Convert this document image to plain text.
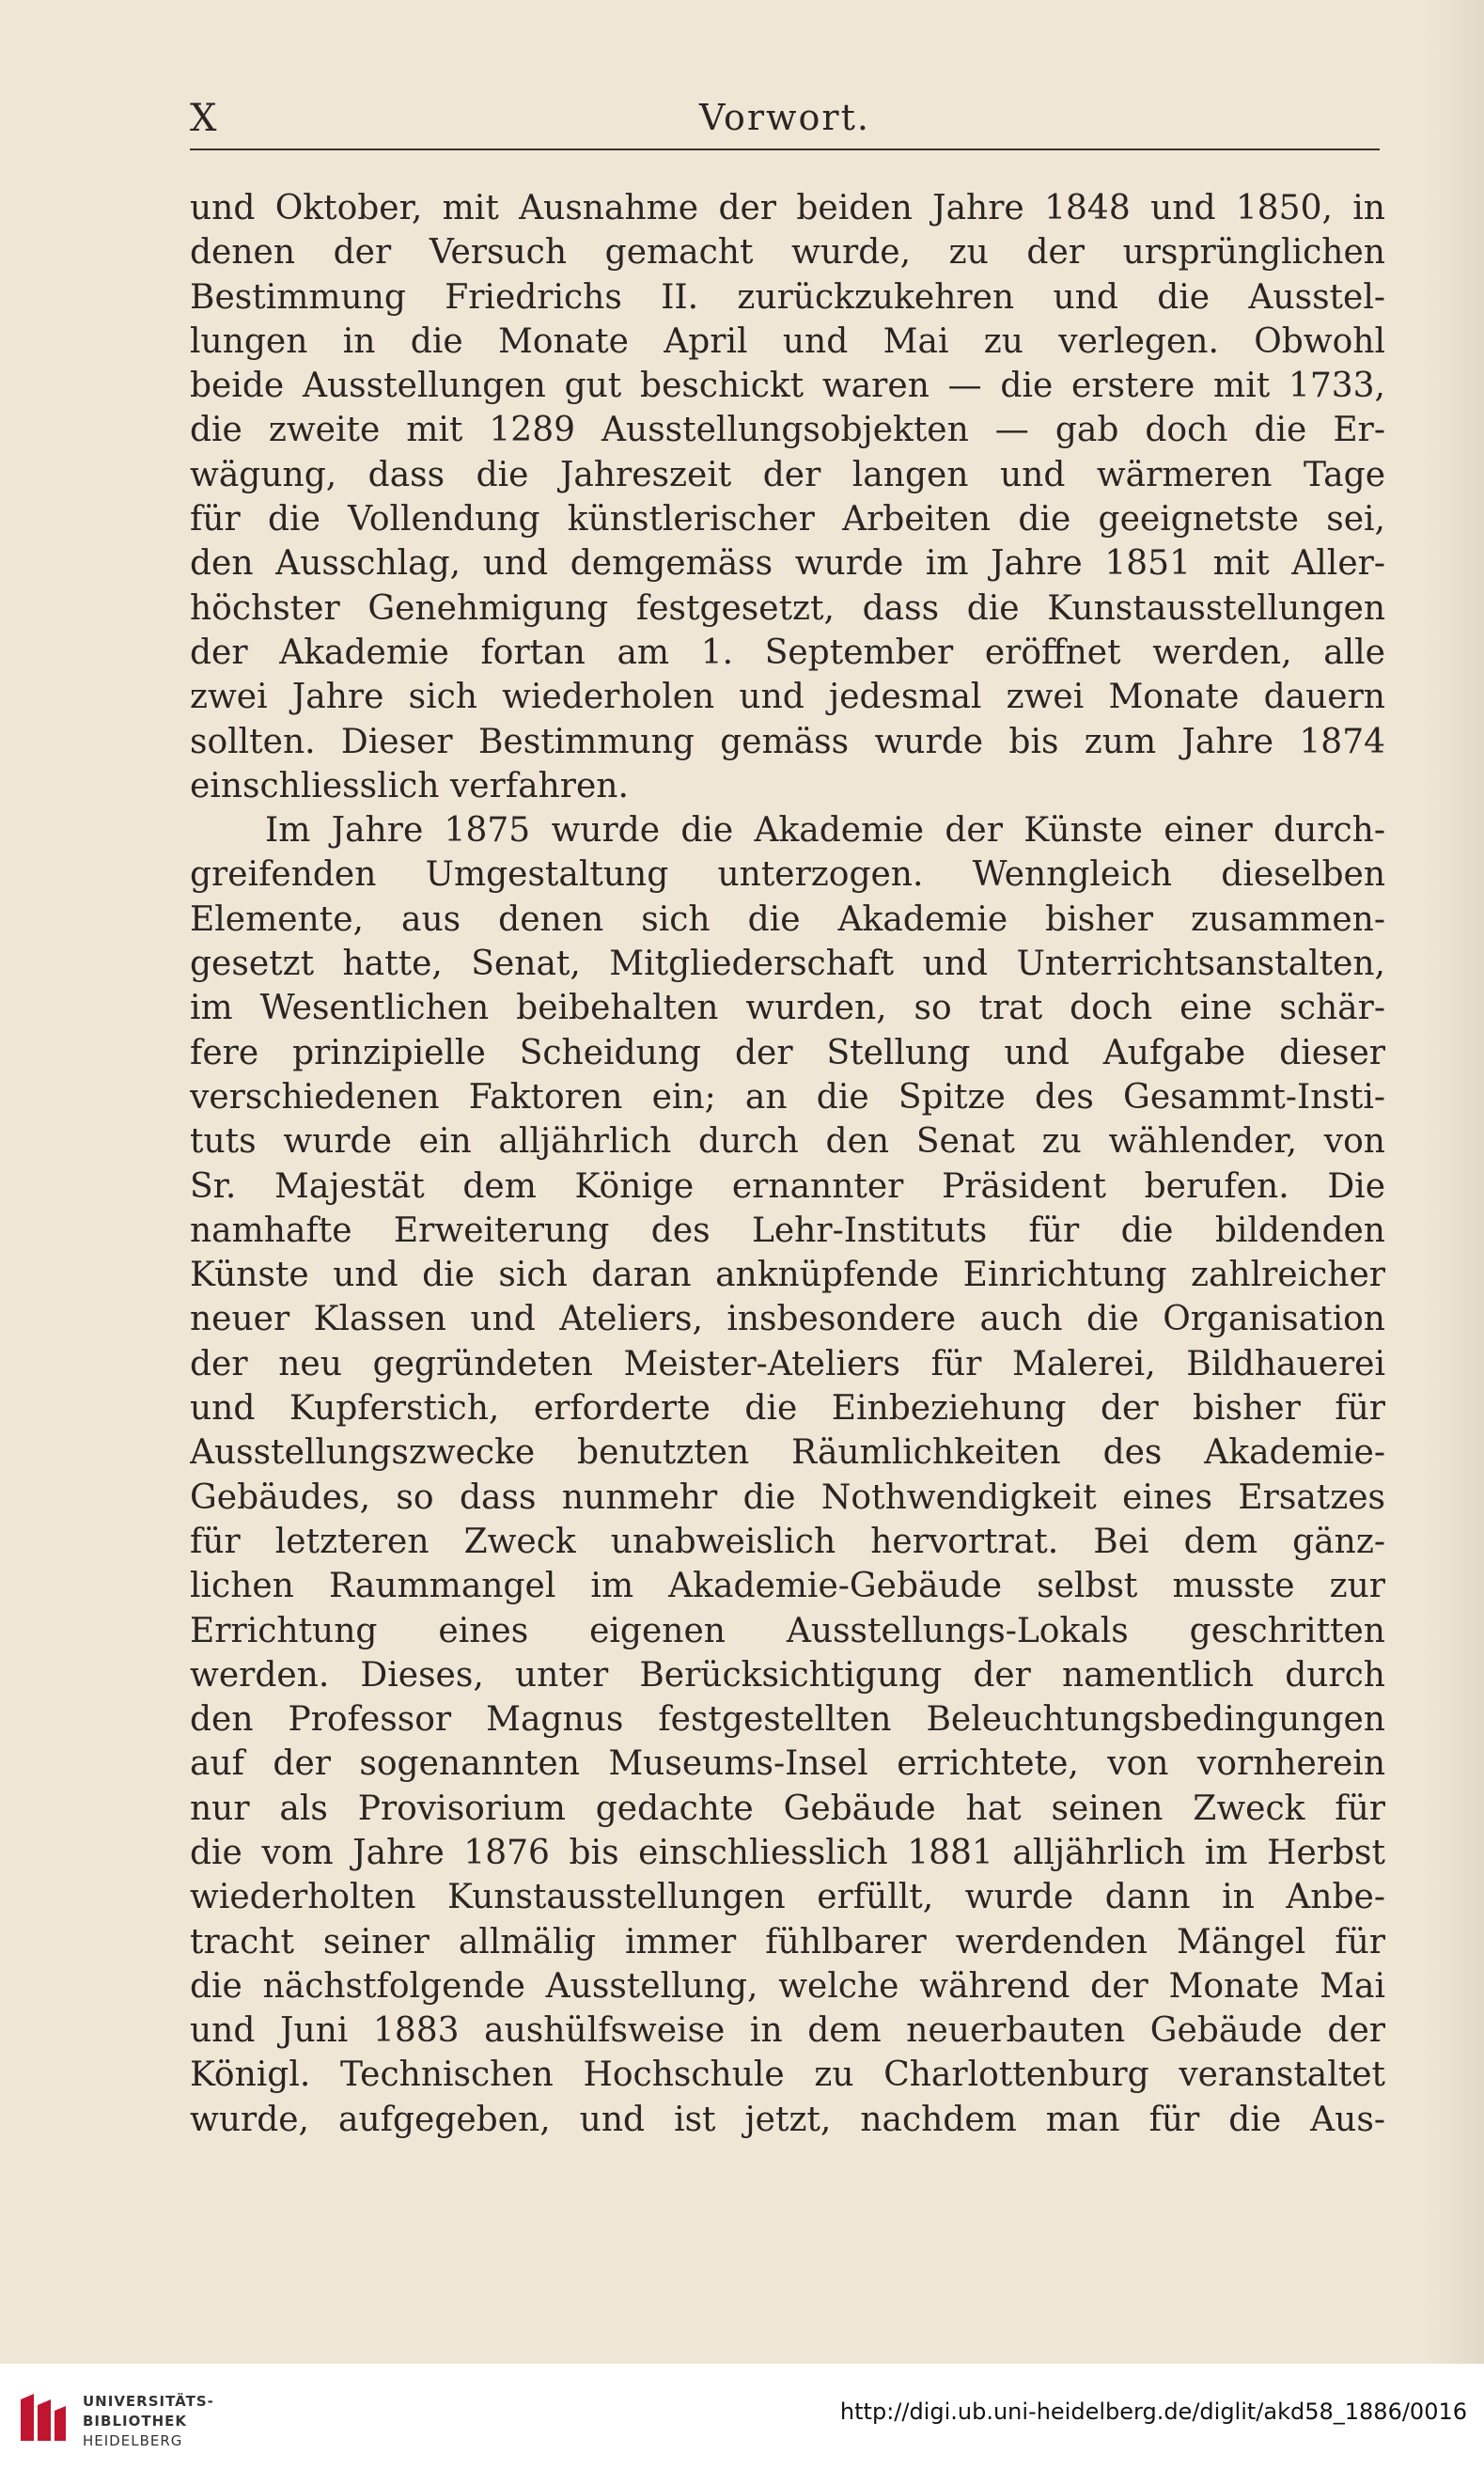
X	Vorwort.
und Oktober, mit Ausnahme der beiden Jahre 1848 und 1850, in
denen der Versuch gemacht wurde, zu der ursprünglichen
Bestimmung Friedrichs II. zurückzukehren und die Ausstel-
lungen in die Monate April und Mai zu verlegen. Obwohl
beide Ausstellungen gut beschickt waren — die erstere mit 1733,
die zweite mit 1289 Ausstellungsobjekten — gab doch die Er-
wägung, dass die Jahreszeit der langen und wärmeren Tage
für die Vollendung künstlerischer Arbeiten die geeignetste sei,
den Ausschlag, und demgemäss wurde im Jahre 1851 mit Aller-
höchster Genehmigung festgesetzt, dass die Kunstausstellungen
der Akademie fortan am 1. September eröffnet werden, alle
zwei Jahre sich wiederholen und jedesmal zwei Monate dauern
sollten. Dieser Bestimmung gemäss wurde bis zum Jahre 1874
einschliesslich verfahren.
Im Jahre 1875 wurde die Akademie der Künste einer durch-
greifenden Umgestaltung unterzogen. Wenngleich dieselben
Elemente, aus denen sich die Akademie bisher zusammen-
gesetzt hatte, Senat, Mitgliederschaft und Unterrichtsanstalten,
im Wesentlichen beibehalten wurden, so trat doch eine schär-
fere prinzipielle Scheidung der Stellung und Aufgabe dieser
verschiedenen Faktoren ein; an die Spitze des Gesammt-Insti-
tuts wurde ein alljährlich durch den Senat zu wählender, von
Sr. Majestät dem Könige ernannter Präsident berufen. Die
namhafte Erweiterung des Lehr-Instituts für die bildenden
Künste und die sich daran anknüpfende Einrichtung zahlreicher
neuer Klassen und Ateliers, insbesondere auch die Organisation
der neu gegründeten Meister-Ateliers für Malerei, Bildhauerei
und Kupferstich, erforderte die Einbeziehung der bisher für
Ausstellungszwecke benutzten Räumlichkeiten des Akademie-
Gebäudes, so dass nunmehr die Nothwendigkeit eines Ersatzes
für letzteren Zweck unabweislich hervortrat. Bei dem gänz-
lichen Raummangel im Akademie-Gebäude selbst musste zur
Errichtung eines eigenen Ausstellungs-Lokals geschritten
werden. Dieses, unter Berücksichtigung der namentlich durch
den Professor Magnus festgestellten Beleuchtungsbedingungen
auf der sogenannten Museums-Insel errichtete, von vornherein
nur als Provisorium gedachte Gebäude hat seinen Zweck für
die vom Jahre 1876 bis einschliesslich 1881 alljährlich im Herbst
wiederholten Kunstausstellungen erfüllt, wurde dann in Anbe-
tracht seiner allmälig immer fühlbarer werdenden Mängel für
die nächstfolgende Ausstellung, welche während der Monate Mai
und Juni 1883 aushülfsweise in dem neuerbauten Gebäude der
Königl. Technischen Hochschule zu Charlottenburg veranstaltet
wurde, aufgegeben, und ist jetzt, nachdem man für die Aus-
UNIVERSITÄTS-
BIBLIOTHEK
HEIDELBERG
http://digi.ub.uni-heidelberg.de/diglit/akd58_1886/0016
